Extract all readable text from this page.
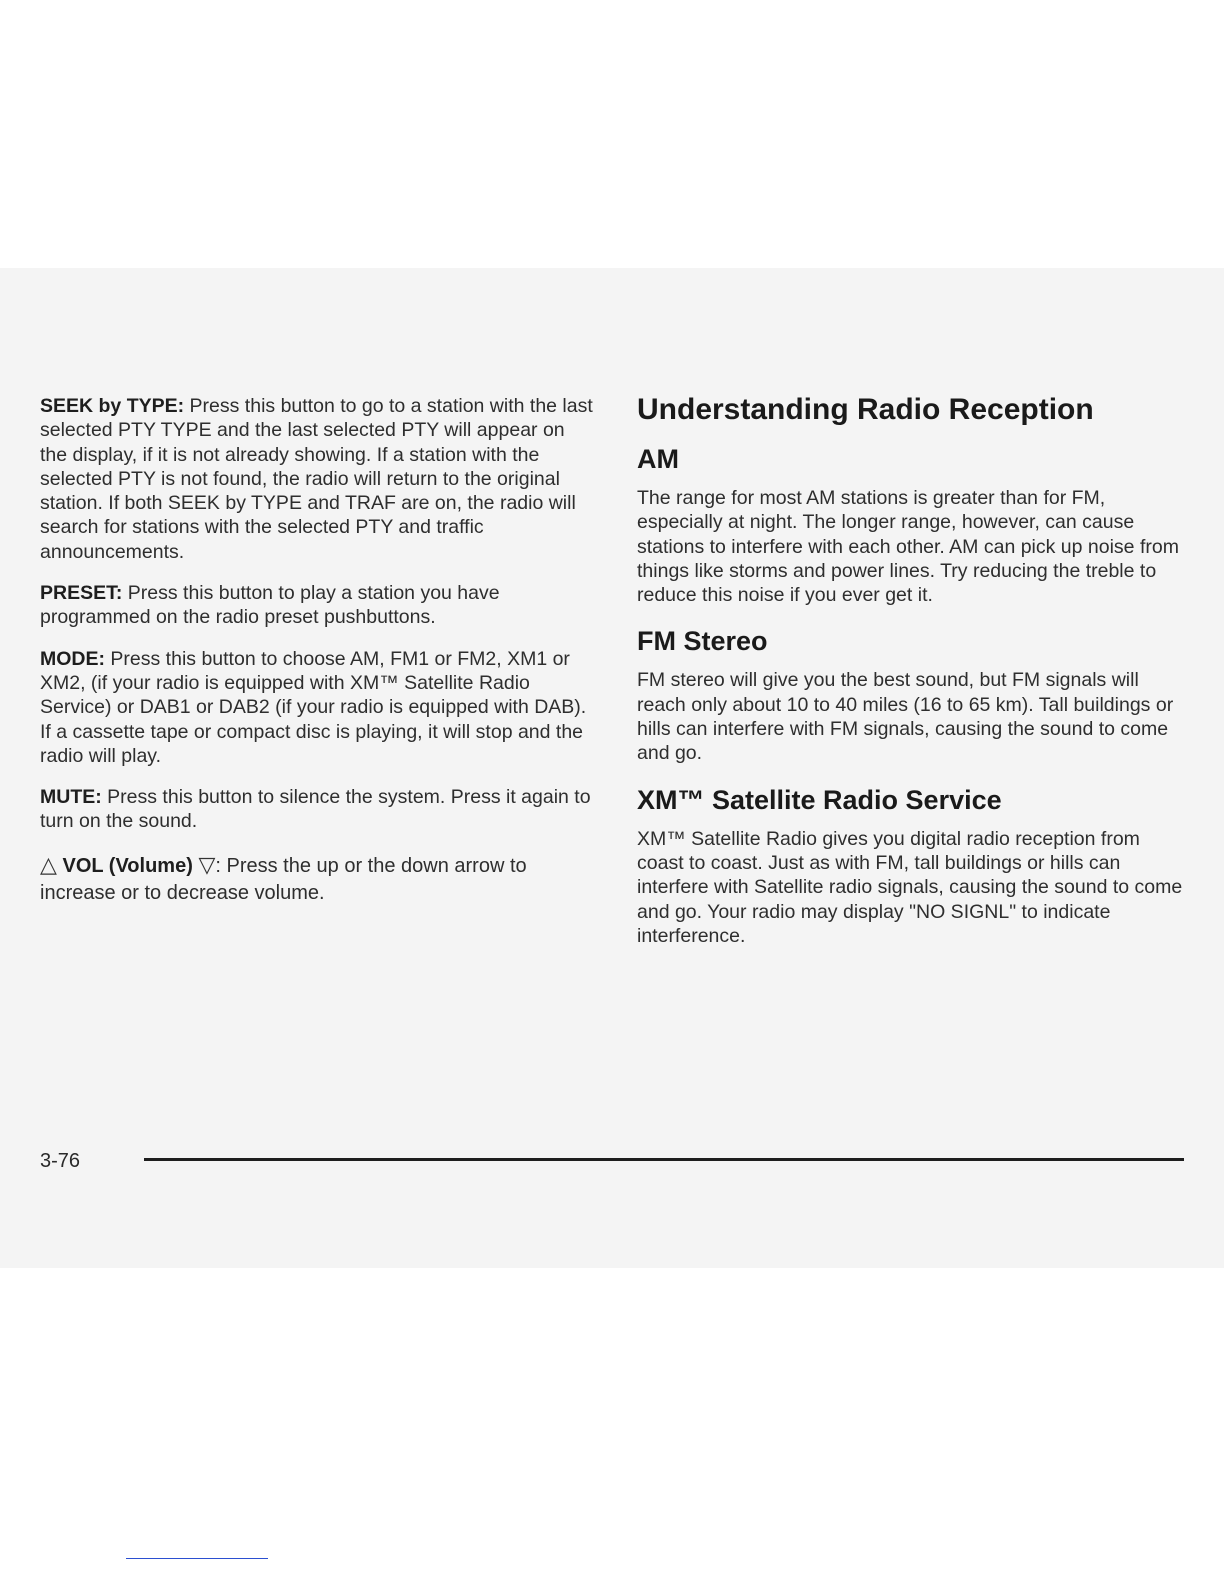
SEEK by TYPE: Press this button to go to a station with the last selected PTY TYPE and the last selected PTY will appear on the display, if it is not already showing. If a station with the selected PTY is not found, the radio will return to the original station. If both SEEK by TYPE and TRAF are on, the radio will search for stations with the selected PTY and traffic announcements.

PRESET: Press this button to play a station you have programmed on the radio preset pushbuttons.

MODE: Press this button to choose AM, FM1 or FM2, XM1 or XM2, (if your radio is equipped with XM™ Satellite Radio Service) or DAB1 or DAB2 (if your radio is equipped with DAB). If a cassette tape or compact disc is playing, it will stop and the radio will play.

MUTE: Press this button to silence the system. Press it again to turn on the sound.

△ VOL (Volume) ▽: Press the up or the down arrow to increase or to decrease volume.

Understanding Radio Reception
AM

The range for most AM stations is greater than for FM, especially at night. The longer range, however, can cause stations to interfere with each other. AM can pick up noise from things like storms and power lines. Try reducing the treble to reduce this noise if you ever get it.

FM Stereo

FM stereo will give you the best sound, but FM signals will reach only about 10 to 40 miles (16 to 65 km). Tall buildings or hills can interfere with FM signals, causing the sound to come and go.

XM™ Satellite Radio Service

XM™ Satellite Radio gives you digital radio reception from coast to coast. Just as with FM, tall buildings or hills can interfere with Satellite radio signals, causing the sound to come and go. Your radio may display "NO SIGNL" to indicate interference.

3-76
